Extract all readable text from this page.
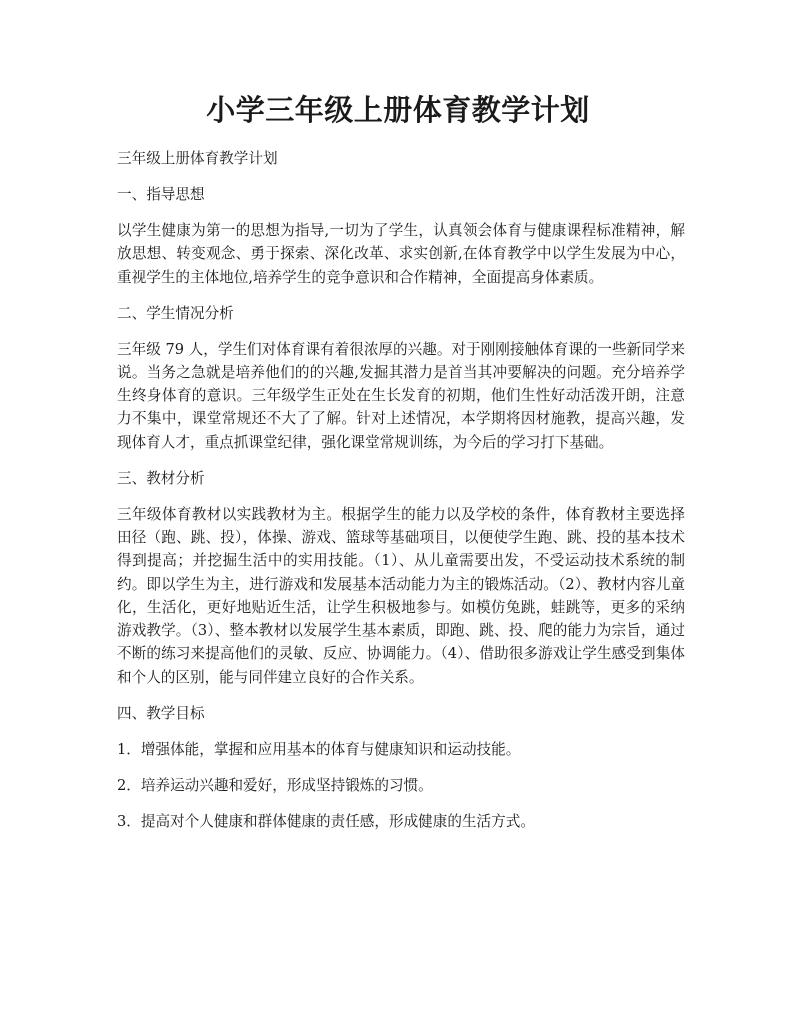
小学三年级上册体育教学计划

三年级上册体育教学计划

一、指导思想

以学生健康为第一的思想为指导,一切为了学生，认真领会体育与健康课程标准精神，解放思想、转变观念、勇于探索、深化改革、求实创新,在体育教学中以学生发展为中心，重视学生的主体地位,培养学生的竞争意识和合作精神，全面提高身体素质。

二、学生情况分析

三年级 79 人，学生们对体育课有着很浓厚的兴趣。对于刚刚接触体育课的一些新同学来说。当务之急就是培养他们的的兴趣,发掘其潜力是首当其冲要解决的问题。充分培养学生终身体育的意识。三年级学生正处在生长发育的初期，他们生性好动活泼开朗，注意力不集中，课堂常规还不大了了解。针对上述情况，本学期将因材施教，提高兴趣，发现体育人才，重点抓课堂纪律，强化课堂常规训练，为今后的学习打下基础。

三、教材分析

三年级体育教材以实践教材为主。根据学生的能力以及学校的条件，体育教材主要选择田径（跑、跳、投），体操、游戏、篮球等基础项目，以便使学生跑、跳、投的基本技术得到提高；并挖掘生活中的实用技能。（1）、从儿童需要出发，不受运动技术系统的制约。即以学生为主，进行游戏和发展基本活动能力为主的锻炼活动。（2）、教材内容儿童化，生活化，更好地贴近生活，让学生积极地参与。如模仿兔跳，蛙跳等，更多的采纳游戏教学。（3）、整本教材以发展学生基本素质，即跑、跳、投、爬的能力为宗旨，通过不断的练习来提高他们的灵敏、反应、协调能力。（4）、借助很多游戏让学生感受到集体和个人的区别，能与同伴建立良好的合作关系。

四、教学目标

1．增强体能，掌握和应用基本的体育与健康知识和运动技能。

2．培养运动兴趣和爱好，形成坚持锻炼的习惯。

3．提高对个人健康和群体健康的责任感，形成健康的生活方式。
